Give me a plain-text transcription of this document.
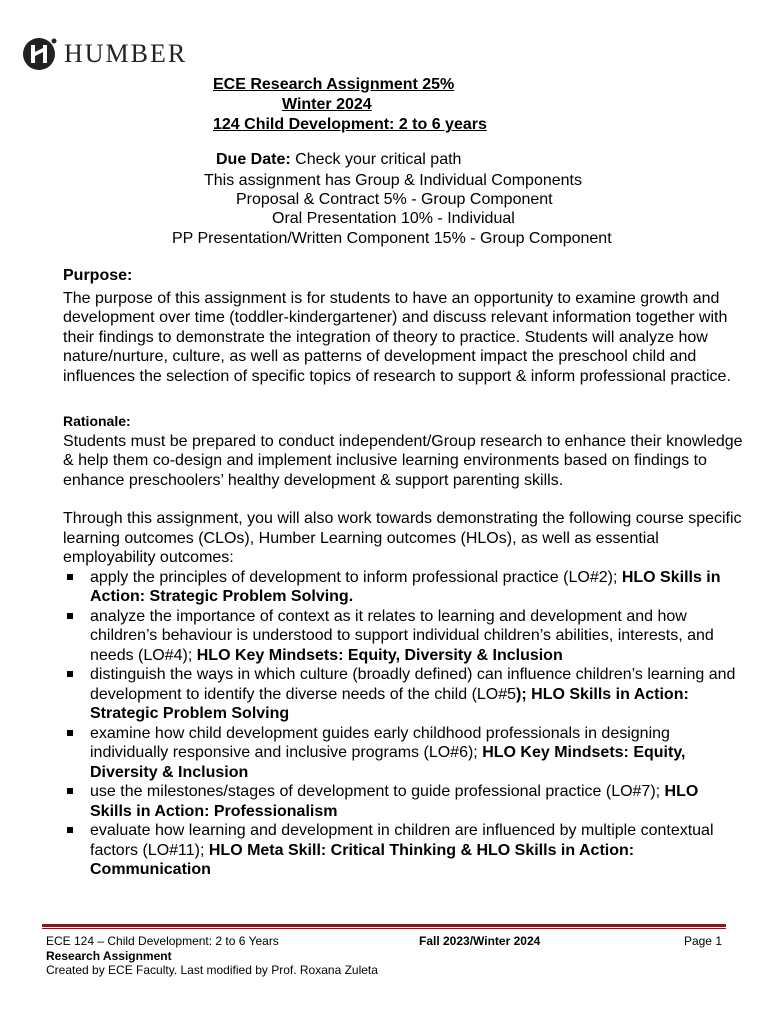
HUMBER
ECE Research Assignment 25%
Winter 2024
124 Child Development: 2 to 6 years
Due Date: Check your critical path
This assignment has Group & Individual Components
Proposal & Contract 5% - Group Component
Oral Presentation 10% - Individual
PP Presentation/Written Component 15% - Group Component
Purpose:

The purpose of this assignment is for students to have an opportunity to examine growth and development over time (toddler-kindergartener) and discuss relevant information together with their findings to demonstrate the integration of theory to practice. Students will analyze how nature/nurture, culture, as well as patterns of development impact the preschool child and influences the selection of specific topics of research to support & inform professional practice.

Rationale:

Students must be prepared to conduct independent/Group research to enhance their knowledge & help them co-design and implement inclusive learning environments based on findings to enhance preschoolers’ healthy development & support parenting skills.

Through this assignment, you will also work towards demonstrating the following course specific learning outcomes (CLOs), Humber Learning outcomes (HLOs), as well as essential employability outcomes:

apply the principles of development to inform professional practice (LO#2); HLO Skills in Action: Strategic Problem Solving.
analyze the importance of context as it relates to learning and development and how children’s behaviour is understood to support individual children’s abilities, interests, and needs (LO#4); HLO Key Mindsets: Equity, Diversity & Inclusion
distinguish the ways in which culture (broadly defined) can influence children’s learning and development to identify the diverse needs of the child (LO#5); HLO Skills in Action: Strategic Problem Solving
examine how child development guides early childhood professionals in designing individually responsive and inclusive programs (LO#6); HLO Key Mindsets: Equity, Diversity & Inclusion
use the milestones/stages of development to guide professional practice (LO#7); HLO Skills in Action: Professionalism
evaluate how learning and development in children are influenced by multiple contextual factors (LO#11); HLO Meta Skill: Critical Thinking & HLO Skills in Action: Communication
ECE 124 – Child Development: 2 to 6 Years	Fall 2023/Winter 2024	Page 1
Research Assignment
Created by ECE Faculty. Last modified by Prof. Roxana Zuleta
